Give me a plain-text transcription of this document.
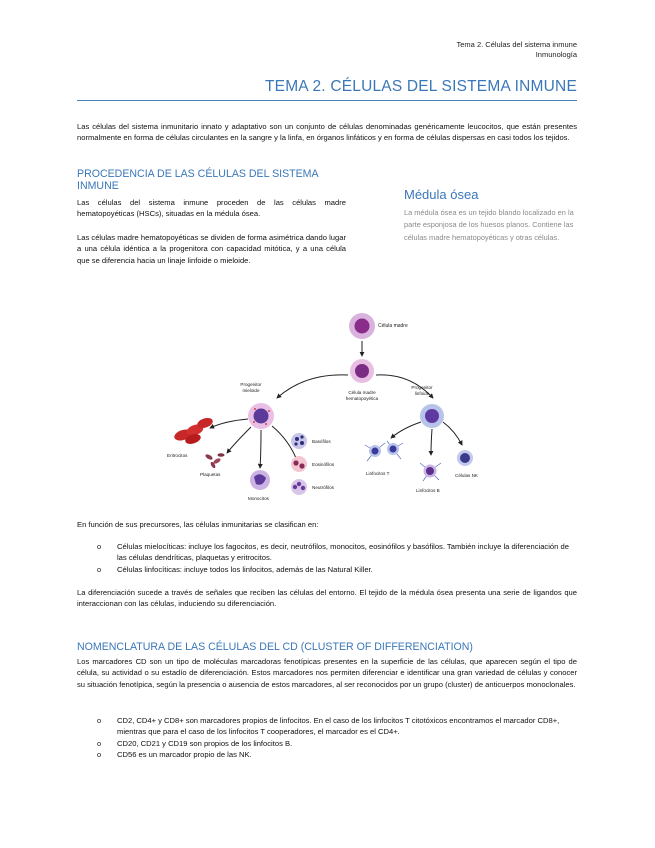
Tema 2. Células del sistema inmune
Inmunología
TEMA 2. CÉLULAS DEL SISTEMA INMUNE
Las células del sistema inmunitario innato y adaptativo son un conjunto de células denominadas genéricamente leucocitos, que están presentes normalmente en forma de células circulantes en la sangre y la linfa, en órganos linfáticos y en forma de células dispersas en casi todos los tejidos.
PROCEDENCIA DE LAS CÉLULAS DEL SISTEMA INMUNE
Las células del sistema inmune proceden de las células madre hematopoyéticas (HSCs), situadas en la médula ósea.
Las células madre hematopoyéticas se dividen de forma asimétrica dando lugar a una célula idéntica a la progenitora con capacidad mitótica, y a una célula que se diferencia hacia un linaje linfoide o mieloide.
Médula ósea
La médula ósea es un tejido blando localizado en la parte esponjosa de los huesos planos. Contiene las células madre hematopoyéticas y otras células.
Célula madre
Célula madre
hematopoyética
Progenitor
mieloide
Progenitor
linfoide
Eritrocitos
Plaquetas
Monocitos
Basófilos
Eosinófilos
Neutrófilos
Linfocitos T
Linfocitos B
Células NK
En función de sus precursores, las células inmunitarias se clasifican en:
o Células mielocíticas: incluye los fagocitos, es decir, neutrófilos, monocitos, eosinófilos y basófilos. También incluye la diferenciación de las células dendríticas, plaquetas y eritrocitos.
o Células linfocíticas: incluye todos los linfocitos, además de las Natural Killer.
La diferenciación sucede a través de señales que reciben las células del entorno. El tejido de la médula ósea presenta una serie de ligandos que interaccionan con las células, induciendo su diferenciación.
NOMENCLATURA DE LAS CÉLULAS DEL CD (CLUSTER OF DIFFERENCIATION)
Los marcadores CD son un tipo de moléculas marcadoras fenotípicas presentes en la superficie de las células, que aparecen según el tipo de célula, su actividad o su estadío de diferenciación. Estos marcadores nos permiten diferenciar e identificar una gran variedad de células y conocer su situación fenotípica, según la presencia o ausencia de estos marcadores, al ser reconocidos por un grupo (cluster) de anticuerpos monoclonales.
o CD2, CD4+ y CD8+ son marcadores propios de linfocitos. En el caso de los linfocitos T citotóxicos encontramos el marcador CD8+, mientras que para el caso de los linfocitos T cooperadores, el marcador es el CD4+.
o CD20, CD21 y CD19 son propios de los linfocitos B.
o CD56 es un marcador propio de las NK.
